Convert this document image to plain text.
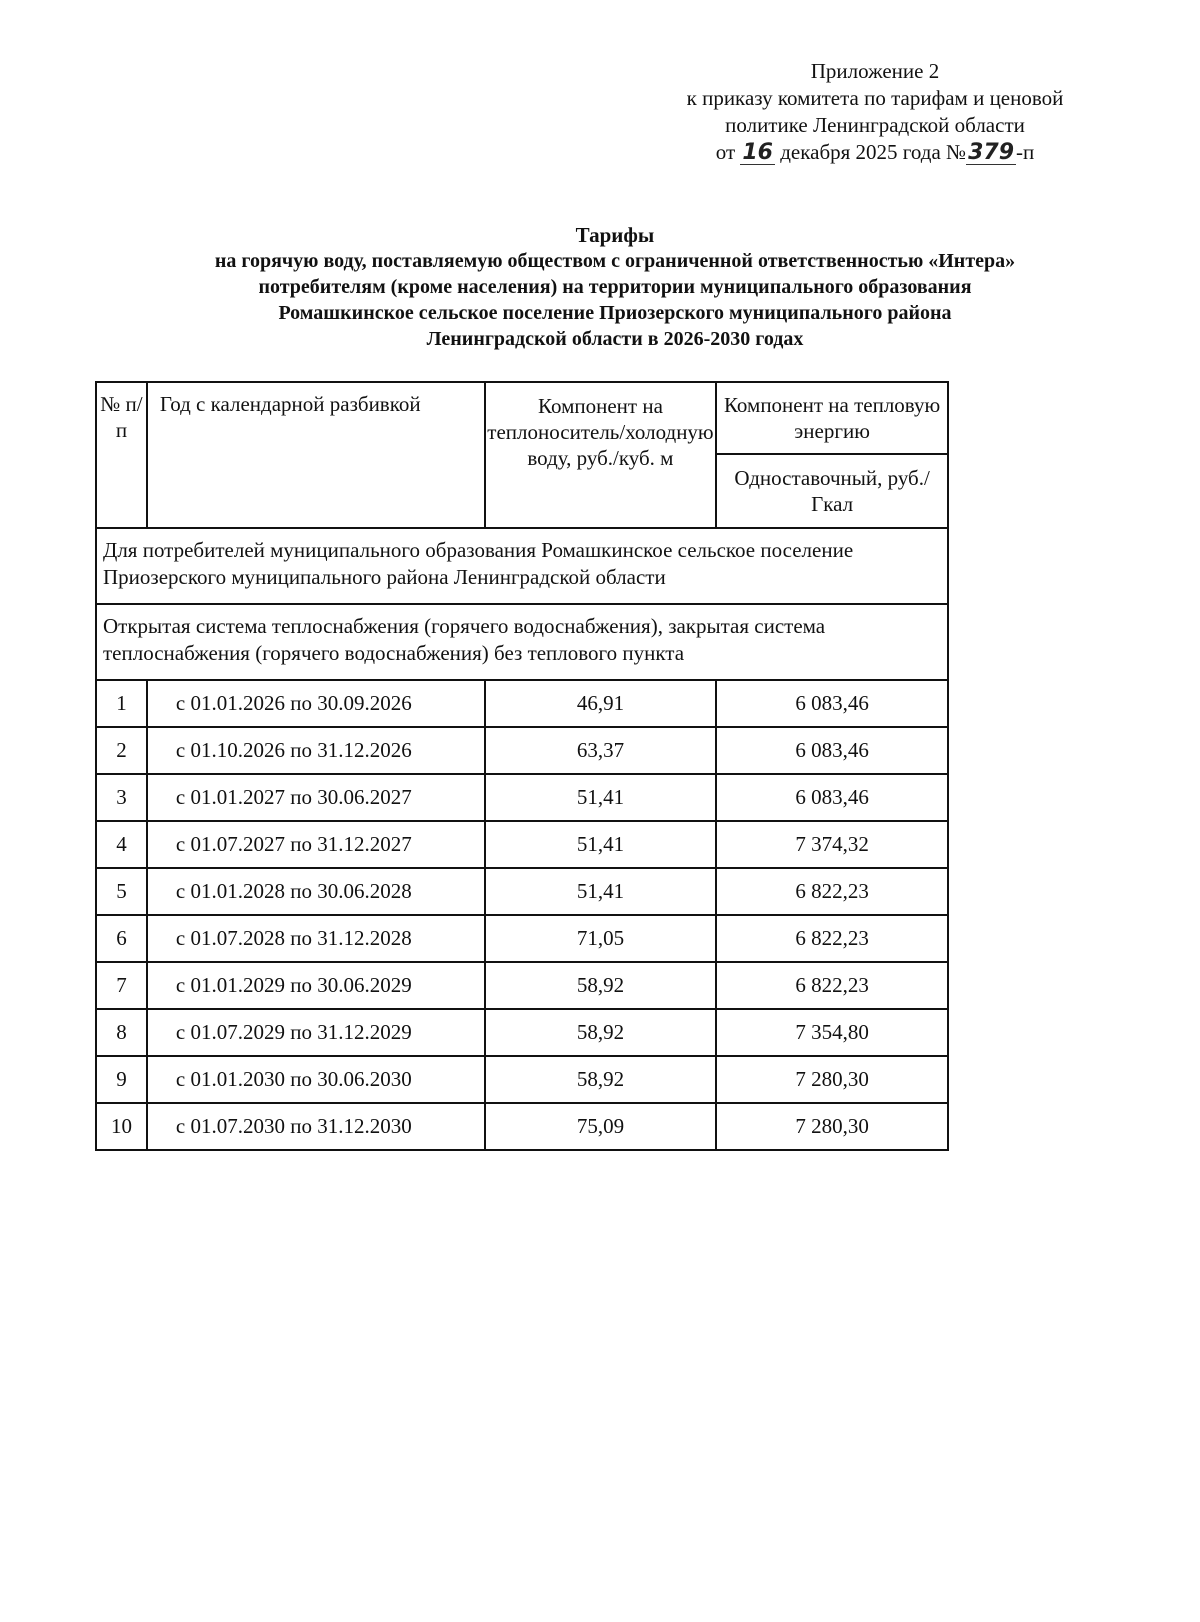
Приложение 2
к приказу комитета по тарифам и ценовой
политике Ленинградской области
от 16 декабря 2025 года №379-п
Тарифы
на горячую воду, поставляемую обществом с ограниченной ответственностью «Интера»
потребителям (кроме населения) на территории муниципального образования
Ромашкинское сельское поселение Приозерского муниципального района
Ленинградской области в 2026-2030 годах
№ п/п	Год с календарной разбивкой	Компонент на теплоноситель/холодную воду, руб./куб. м	Компонент на тепловую энергию
			Одноставочный, руб./Гкал
Для потребителей муниципального образования Ромашкинское сельское поселение Приозерского муниципального района Ленинградской области			
Открытая система теплоснабжения (горячего водоснабжения), закрытая система теплоснабжения (горячего водоснабжения) без теплового пункта			
1	с 01.01.2026 по 30.09.2026	46,91	6 083,46
2	с 01.10.2026 по 31.12.2026	63,37	6 083,46
3	с 01.01.2027 по 30.06.2027	51,41	6 083,46
4	с 01.07.2027 по 31.12.2027	51,41	7 374,32
5	с 01.01.2028 по 30.06.2028	51,41	6 822,23
6	с 01.07.2028 по 31.12.2028	71,05	6 822,23
7	с 01.01.2029 по 30.06.2029	58,92	6 822,23
8	с 01.07.2029 по 31.12.2029	58,92	7 354,80
9	с 01.01.2030 по 30.06.2030	58,92	7 280,30
10	с 01.07.2030 по 31.12.2030	75,09	7 280,30
